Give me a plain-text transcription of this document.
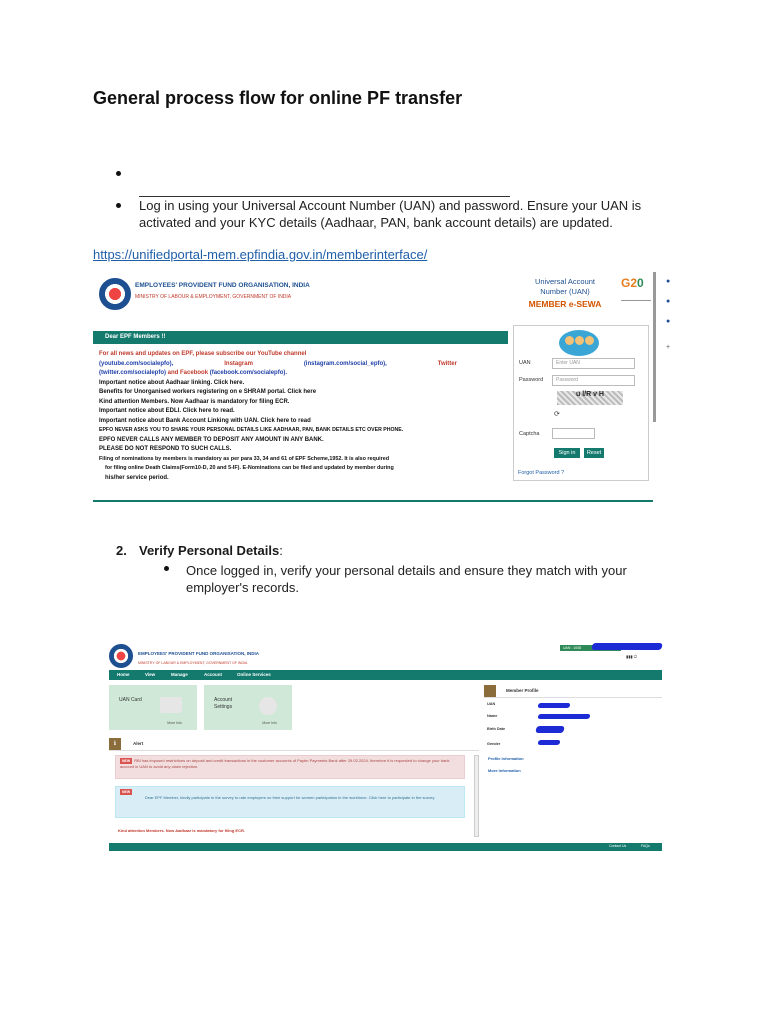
General process flow for online PF transfer
Log in using your Universal Account Number (UAN) and password. Ensure your UAN is
activated and your KYC details (Aadhaar, PAN, bank account details) are updated.
https://unifiedportal-mem.epfindia.gov.in/memberinterface/
EMPLOYEES' PROVIDENT FUND ORGANISATION, INDIA
MINISTRY OF LABOUR & EMPLOYMENT, GOVERNMENT OF INDIA
Universal Account
Number (UAN)
MEMBER e-SEWA
G20	●
●
●
+
Dear EPF Members !!
For all news and updates on EPF, please subscribe our YouTube channel
(youtube.com/socialepfo),	Instagram	(instagram.com/social_epfo),	Twitter
(twitter.com/socialepfo) and Facebook (facebook.com/socialepfo).
Important notice about Aadhaar linking. Click here.
Benefits for Unorganised workers registering on e SHRAM portal. Click here
Kind attention Members. Now Aadhaar is mandatory for filing ECR.
Important notice about EDLI. Click here to read.
Important notice about Bank Account Linking with UAN. Click here to read
EPFO NEVER ASKS YOU TO SHARE YOUR PERSONAL DETAILS LIKE AADHAAR, PAN, BANK DETAILS ETC OVER PHONE.
EPFO NEVER CALLS ANY MEMBER TO DEPOSIT ANY AMOUNT IN ANY BANK.
PLEASE DO NOT RESPOND TO SUCH CALLS.
Filing of nominations by members is mandatory as per para 33, 34 and 61 of EPF Scheme,1952. It is also required
for filing online Death Claims(Form10-D, 20 and 5-IF). E-Nominations can be filed and updated by member during
his/her service period.
UAN	Enter UAN
Password	Password
u l/R v H
⟳
Captcha
Sign in	Reset
Forgot Password ?
2. Verify Personal Details:
Once logged in, verify your personal details and ensure they match with your
employer's records.
EMPLOYEES' PROVIDENT FUND ORGANISATION, INDIA
MINISTRY OF LABOUR & EMPLOYMENT, GOVERNMENT OF INDIA
UAN : 1008
▮▮▮ ⏻
Home	View	Manage	Account	Online Services
UAN Card
More Info
Account Settings
More Info
ℹ	Alert
NEW RBI has imposed restrictions on deposit and credit transactions in the customer accounts of Paytm Payments Bank after 29.02.2024, therefore it is requested to change your bank account in UAN to avoid any claim rejection.
NEW
Dear EPF Member, kindly participate in the survey to rate employers on their support for women participation in the workforce. Click here to participate in the survey.
Kind attention Members. Now Aadhaar is mandatory for filing ECR.
Member Profile
UAN
Name
Birth Date
Gender
Profile Information
More Information
Contact Us	FAQs
